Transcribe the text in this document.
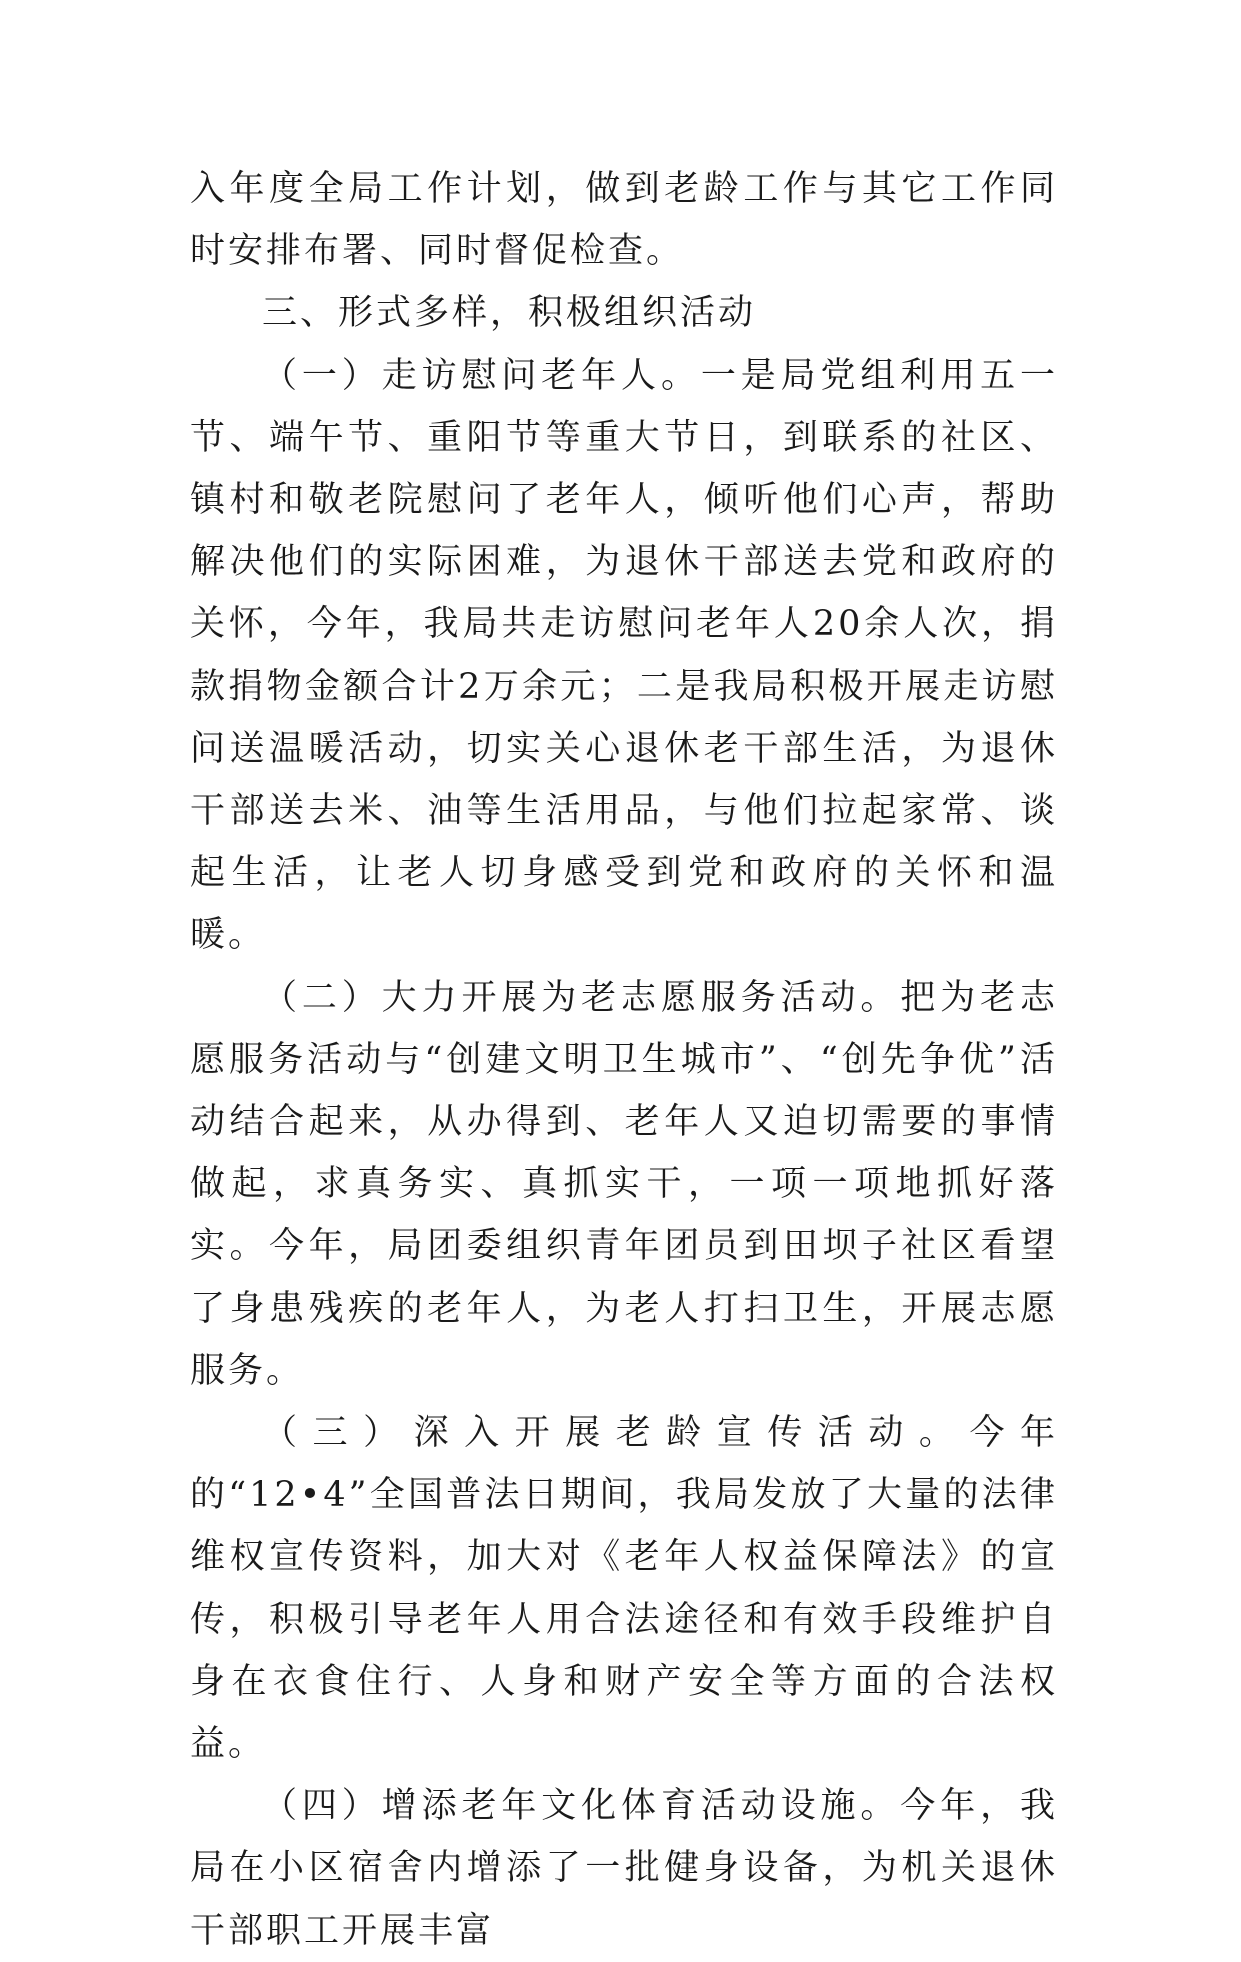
入年度全局工作计划，做到老龄工作与其它工作同时安排布署、同时督促检查。

三、形式多样，积极组织活动

（一）走访慰问老年人。一是局党组利用五一节、端午节、重阳节等重大节日，到联系的社区、镇村和敬老院慰问了老年人，倾听他们心声，帮助解决他们的实际困难，为退休干部送去党和政府的关怀，今年，我局共走访慰问老年人20余人次，捐款捐物金额合计2万余元；二是我局积极开展走访慰问送温暖活动，切实关心退休老干部生活，为退休干部送去米、油等生活用品，与他们拉起家常、谈起生活，让老人切身感受到党和政府的关怀和温暖。

（二）大力开展为老志愿服务活动。把为老志愿服务活动与“创建文明卫生城市”、“创先争优”活动结合起来，从办得到、老年人又迫切需要的事情做起，求真务实、真抓实干，一项一项地抓好落实。今年，局团委组织青年团员到田坝子社区看望了身患残疾的老年人，为老人打扫卫生，开展志愿服务。

（三）深入开展老龄宣传活动。今年的“12•4”全国普法日期间，我局发放了大量的法律维权宣传资料，加大对《老年人权益保障法》的宣传，积极引导老年人用合法途径和有效手段维护自身在衣食住行、人身和财产安全等方面的合法权益。

（四）增添老年文化体育活动设施。今年，我局在小区宿舍内增添了一批健身设备，为机关退休干部职工开展丰富
